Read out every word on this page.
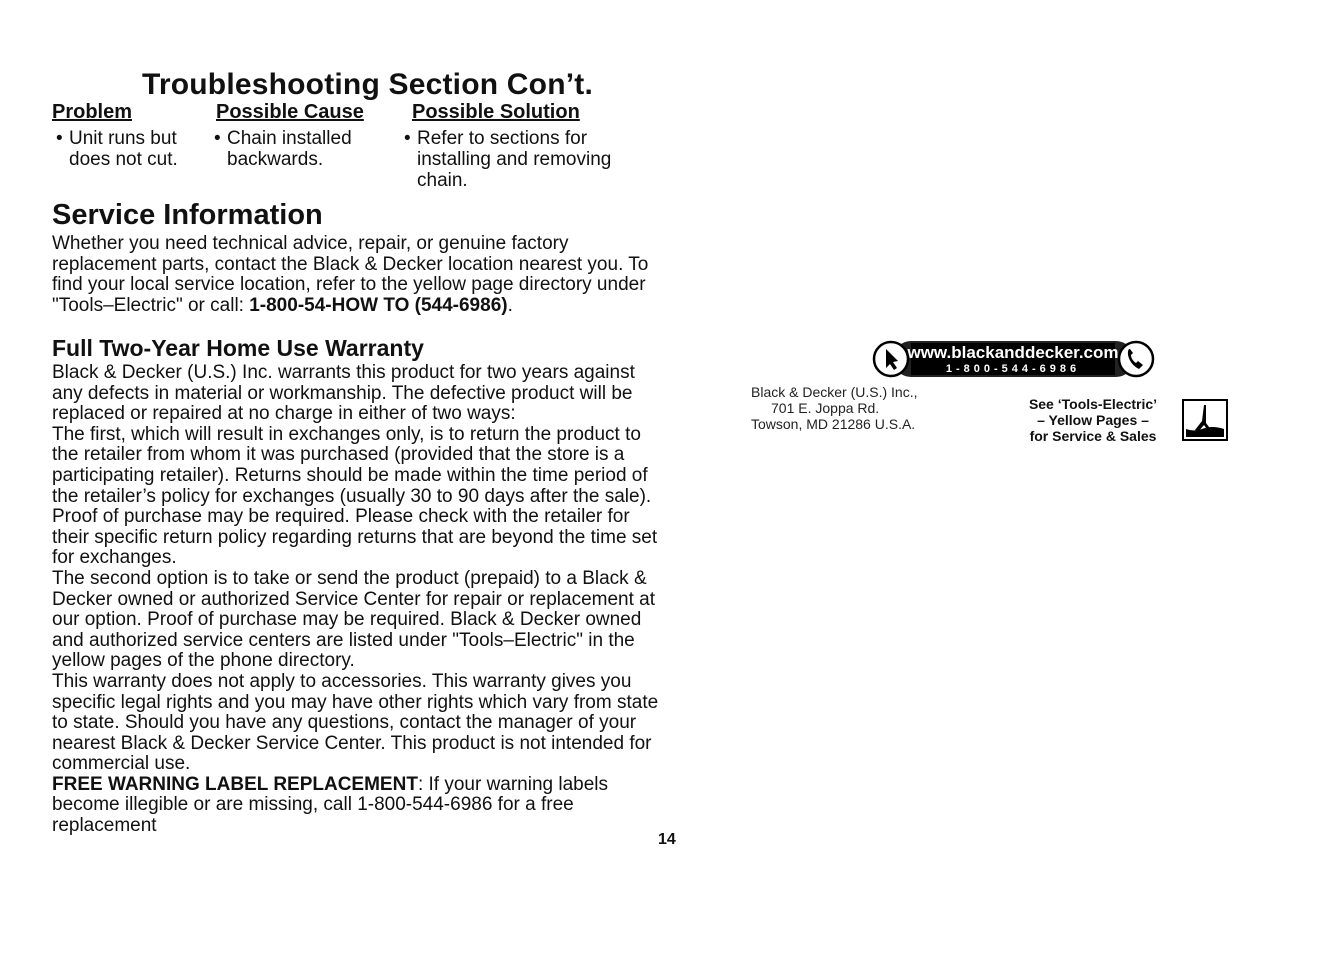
Troubleshooting Section Con’t.
Problem	Possible Cause Possible Solution
• Unit runs but does not cut.
• Chain installed backwards.
• Refer to sections for installing and removing chain.
Service Information
Whether you need technical advice, repair, or genuine factory replacement parts, contact the Black & Decker location nearest you. To find your local service location, refer to the yellow page directory under "Tools–Electric" or call: 1-800-54-HOW TO (544-6986).
Full Two-Year Home Use Warranty

Black & Decker (U.S.) Inc. warrants this product for two years against any defects in material or workmanship. The defective product will be replaced or repaired at no charge in either of two ways:

The first, which will result in exchanges only, is to return the product to the retailer from whom it was purchased (provided that the store is a participating retailer). Returns should be made within the time period of the retailer’s policy for exchanges (usually 30 to 90 days after the sale). Proof of purchase may be required. Please check with the retailer for their specific return policy regarding returns that are beyond the time set for exchanges.

The second option is to take or send the product (prepaid) to a Black & Decker owned or authorized Service Center for repair or replacement at our option. Proof of purchase may be required. Black & Decker owned and authorized service centers are listed under "Tools–Electric" in the yellow pages of the phone directory.

This warranty does not apply to accessories. This warranty gives you specific legal rights and you may have other rights which vary from state to state. Should you have any questions, contact the manager of your nearest Black & Decker Service Center. This product is not intended for commercial use.

FREE WARNING LABEL REPLACEMENT: If your warning labels become illegible or are missing, call 1-800-544-6986 for a free replacement

14
www.blackanddecker.com
1-800-544-6986
Black & Decker (U.S.) Inc.,
701 E. Joppa Rd.
Towson, MD 21286 U.S.A.
See ‘Tools-Electric’
– Yellow Pages –
for Service & Sales
